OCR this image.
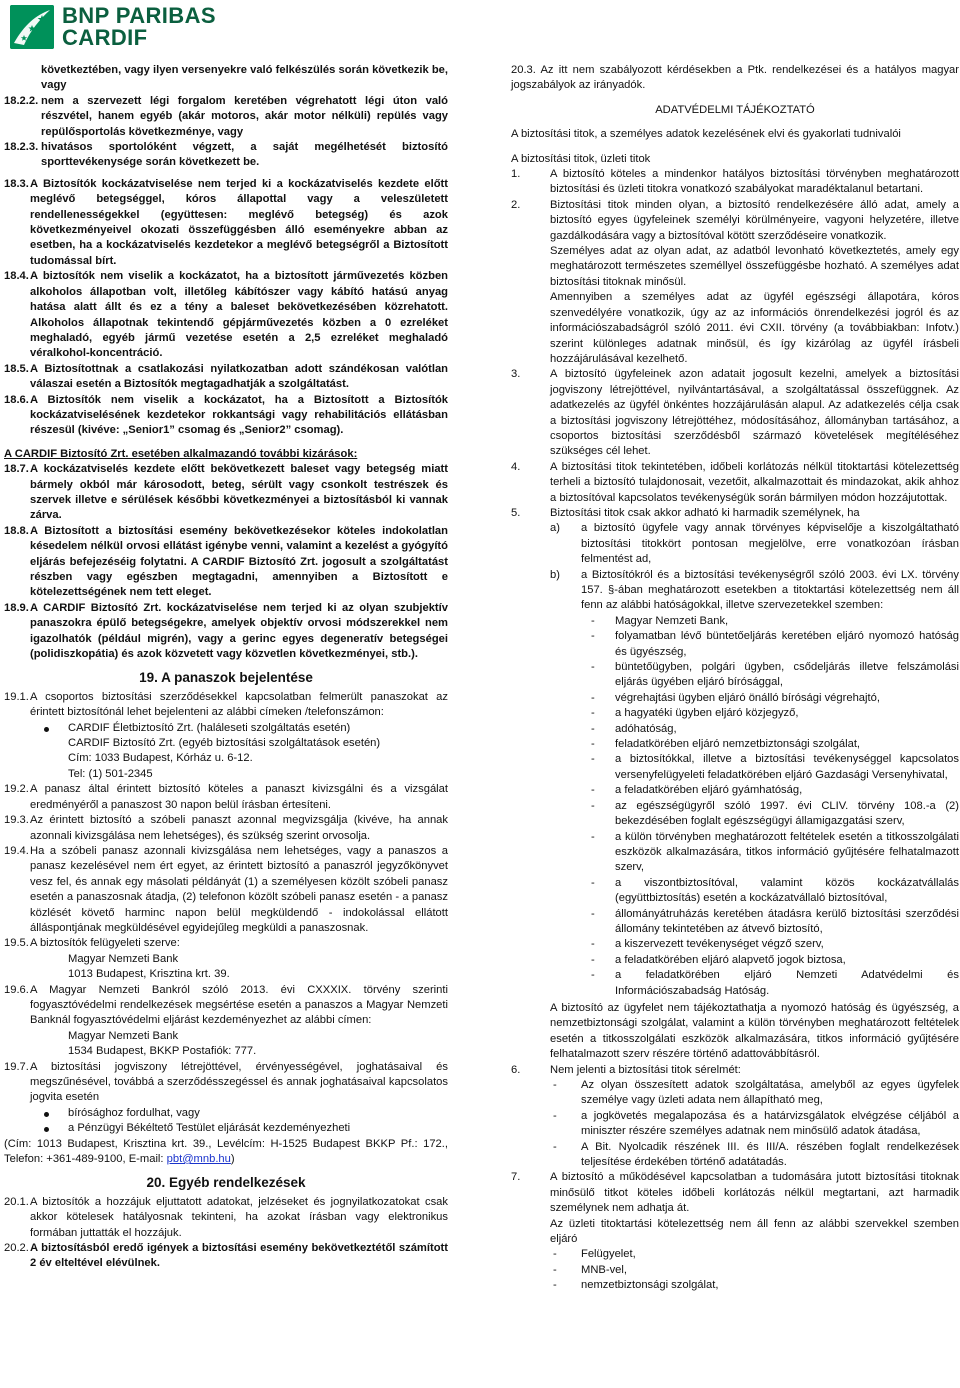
BNP PARIBAS
CARDIF
következtében, vagy ilyen versenyekre való felkészülés során következik be, vagy
18.2.2. nem a szervezett légi forgalom keretében végrehatott légi úton való részvétel, hanem egyéb (akár motoros, akár motor nélküli) repülés vagy repülősportolás következménye, vagy
18.2.3. hivatásos sportolóként végzett, a saját megélhetését biztosító sporttevékenysége során következett be.
18.3. A Biztosítók kockázatviselése nem terjed ki a kockázatviselés kezdete előtt meglévő betegséggel, kóros állapottal vagy a veleszületett rendellenességekkel (együttesen: meglévő betegség) és azok következményeivel okozati összefüggésben álló eseményekre abban az esetben, ha a kockázatviselés kezdetekor a meglévő betegségről a Biztosított tudomással bírt.
18.4. A biztosítók nem viselik a kockázatot, ha a biztosított járművezetés közben alkoholos állapotban volt, illetőleg kábítószer vagy kábító hatású anyag hatása alatt állt és ez a tény a baleset bekövetkezésében közrehatott. Alkoholos állapotnak tekintendő gépjárművezetés közben a 0 ezreléket meghaladó, egyéb jármű vezetése esetén a 2,5 ezreléket meghaladó véralkohol-koncentráció.
18.5. A Biztosítottnak a csatlakozási nyilatkozatban adott szándékosan valótlan válaszai esetén a Biztosítók megtagadhatják a szolgáltatást.
18.6. A Biztosítók nem viselik a kockázatot, ha a Biztosított a Biztosítók kockázatviselésének kezdetekor rokkantsági vagy rehabilitációs ellátásban részesül (kivéve: „Senior1” csomag és „Senior2” csomag).
A CARDIF Biztosító Zrt. esetében alkalmazandó további kizárások:
18.7. A kockázatviselés kezdete előtt bekövetkezett baleset vagy betegség miatt bármely okból már károsodott, beteg, sérült vagy csonkolt testrészek és szervek illetve e sérülések későbbi következményei a biztosításból ki vannak zárva.
18.8. A Biztosított a biztosítási esemény bekövetkezésekor köteles indokolatlan késedelem nélkül orvosi ellátást igénybe venni, valamint a kezelést a gyógyító eljárás befejezéséig folytatni. A CARDIF Biztosító Zrt. jogosult a szolgáltatást részben vagy egészben megtagadni, amennyiben a Biztosított e kötelezettségének nem tett eleget.
18.9. A CARDIF Biztosító Zrt. kockázatviselése nem terjed ki az olyan szubjektív panaszokra épülő betegségekre, amelyek objektív orvosi módszerekkel nem igazolhatók (például migrén), vagy a gerinc egyes degeneratív betegségei (polidiszkopátia) és azok közvetett vagy közvetlen következményei, stb.).
19. A panaszok bejelentése
19.1. A csoportos biztosítási szerződésekkel kapcsolatban felmerült panaszokat az érintett biztosítónál lehet bejelenteni az alábbi címeken /telefonszámon:
CARDIF Életbiztosító Zrt. (haláleseti szolgáltatás esetén)
CARDIF Biztosító Zrt. (egyéb biztosítási szolgáltatások esetén)
Cím: 1033 Budapest, Kórház u. 6-12.
Tel: (1) 501-2345
19.2. A panasz által érintett biztosító köteles a panaszt kivizsgálni és a vizsgálat eredményéről a panaszost 30 napon belül írásban értesíteni.
19.3. Az érintett biztosító a szóbeli panaszt azonnal megvizsgálja (kivéve, ha annak azonnali kivizsgálása nem lehetséges), és szükség szerint orvosolja.
19.4. Ha a szóbeli panasz azonnali kivizsgálása nem lehetséges, vagy a panaszos a panasz kezelésével nem ért egyet, az érintett biztosító a panaszról jegyzőkönyvet vesz fel, és annak egy másolati példányát (1) a személyesen közölt szóbeli panasz esetén a panaszosnak átadja, (2) telefonon közölt szóbeli panasz esetén - a panasz közlését követő harminc napon belül megküldendő - indokolással ellátott álláspontjának megküldésével egyidejűleg megküldi a panaszosnak.
19.5. A biztosítók felügyeleti szerve:
Magyar Nemzeti Bank
1013 Budapest, Krisztina krt. 39.
19.6. A Magyar Nemzeti Bankról szóló 2013. évi CXXXIX. törvény szerinti fogyasztóvédelmi rendelkezések megsértése esetén a panaszos a Magyar Nemzeti Banknál fogyasztóvédelmi eljárást kezdeményezhet az alábbi címen:
Magyar Nemzeti Bank
1534 Budapest, BKKP Postafiók: 777.
19.7. A biztosítási jogviszony létrejöttével, érvényességével, joghatásaival és megszűnésével, továbbá a szerződésszegéssel és annak joghatásaival kapcsolatos jogvita esetén
bírósághoz fordulhat, vagy
a Pénzügyi Békéltető Testület eljárását kezdeményezheti
(Cím: 1013 Budapest, Krisztina krt. 39., Levélcím: H-1525 Budapest BKKP Pf.: 172., Telefon: +361-489-9100, E-mail: pbt@mnb.hu)
20. Egyéb rendelkezések
20.1. A biztosítók a hozzájuk eljuttatott adatokat, jelzéseket és jognyilatkozatokat csak akkor kötelesek hatályosnak tekinteni, ha azokat írásban vagy elektronikus formában juttatták el hozzájuk.
20.2. A biztosításból eredő igények a biztosítási esemény bekövetkeztétől számított 2 év elteltével elévülnek.
20.3. Az itt nem szabályozott kérdésekben a Ptk. rendelkezései és a hatályos magyar jogszabályok az irányadók.
ADATVÉDELMI TÁJÉKOZTATÓ
A biztosítási titok, a személyes adatok kezelésének elvi és gyakorlati tudnivalói
A biztosítási titok, üzleti titok
1.	A biztosító köteles a mindenkor hatályos biztosítási törvényben meghatározott biztosítási és üzleti titokra vonatkozó szabályokat maradéktalanul betartani.
2.	Biztosítási titok minden olyan, a biztosító rendelkezésére álló adat, amely a biztosító egyes ügyfeleinek személyi körülményeire, vagyoni helyzetére, illetve gazdálkodására vagy a biztosítóval kötött szerződéseire vonatkozik.
Személyes adat az olyan adat, az adatból levonható következtetés, amely egy meghatározott természetes személlyel összefüggésbe hozható. A személyes adat biztosítási titoknak minősül.
Amennyiben a személyes adat az ügyfél egészségi állapotára, kóros szenvedélyére vonatkozik, úgy az az információs önrendelkezési jogról és az információszabadságról szóló 2011. évi CXII. törvény (a továbbiakban: Infotv.) szerint különleges adatnak minősül, és így kizárólag az ügyfél írásbeli hozzájárulásával kezelhető.
3.	A biztosító ügyfeleinek azon adatait jogosult kezelni, amelyek a biztosítási jogviszony létrejöttével, nyilvántartásával, a szolgáltatással összefüggnek. Az adatkezelés az ügyfél önkéntes hozzájárulásán alapul. Az adatkezelés célja csak a biztosítási jogviszony létrejöttéhez, módosításához, állományban tartásához, a csoportos biztosítási szerződésből származó követelések megítéléséhez szükséges cél lehet.
4.	A biztosítási titok tekintetében, időbeli korlátozás nélkül titoktartási kötelezettség terheli a biztosító tulajdonosait, vezetőit, alkalmazottait és mindazokat, akik ahhoz a biztosítóval kapcsolatos tevékenységük során bármilyen módon hozzájutottak.
5.	Biztosítási titok csak akkor adható ki harmadik személynek, ha
a) a biztosító ügyfele vagy annak törvényes képviselője a kiszolgáltatható biztosítási titokkört pontosan megjelölve, erre vonatkozóan írásban felmentést ad,
b) a Biztosítókról és a biztosítási tevékenységről szóló 2003. évi LX. törvény 157. §-ában meghatározott esetekben a titoktartási kötelezettség nem áll fenn az alábbi hatóságokkal, illetve szervezetekkel szemben:
- Magyar Nemzeti Bank,
- folyamatban lévő büntetőeljárás keretében eljáró nyomozó hatóság és ügyészség,
- büntetőügyben, polgári ügyben, csődeljárás illetve felszámolási eljárás ügyében eljáró bírósággal,
- végrehajtási ügyben eljáró önálló bírósági végrehajtó,
- a hagyatéki ügyben eljáró közjegyző,
- adóhatóság,
- feladatkörében eljáró nemzetbiztonsági szolgálat,
- a biztosítókkal, illetve a biztosítási tevékenységgel kapcsolatos versenyfelügyeleti feladatkörében eljáró Gazdasági Versenyhivatal,
- a feladatkörében eljáró gyámhatóság,
- az egészségügyről szóló 1997. évi CLIV. törvény 108.-a (2) bekezdésében foglalt egészségügyi államigazgatási szerv,
- a külön törvényben meghatározott feltételek esetén a titkosszolgálati eszközök alkalmazására, titkos információ gyűjtésére felhatalmazott szerv,
- a viszontbiztosítóval, valamint közös kockázatvállalás (együttbiztosítás) esetén a kockázatvállaló biztosítóval,
- állományátruházás keretében átadásra kerülő biztosítási szerződési állomány tekintetében az átvevő biztosító,
- a kiszervezett tevékenységet végző szerv,
- a feladatkörében eljáró alapvető jogok biztosa,
- a feladatkörében eljáró Nemzeti Adatvédelmi és Információszabadság Hatóság.
A biztosító az ügyfelet nem tájékoztathatja a nyomozó hatóság és ügyészség, a nemzetbiztonsági szolgálat, valamint a külön törvényben meghatározott feltételek esetén a titkosszolgálati eszközök alkalmazására, titkos információ gyűjtésére felhatalmazott szerv részére történő adattovábbításról.
6.	Nem jelenti a biztosítási titok sérelmét:
- Az olyan összesített adatok szolgáltatása, amelyből az egyes ügyfelek személye vagy üzleti adata nem állapítható meg,
- a jogkövetés megalapozása és a határvizsgálatok elvégzése céljából a miniszter részére személyes adatnak nem minősülő adatok átadása,
- A Bit. Nyolcadik részének III. és III/A. részében foglalt rendelkezések teljesítése érdekében történő adatátadás.
7.	A biztosító a működésével kapcsolatban a tudomására jutott biztosítási titoknak minősülő titkot köteles időbeli korlátozás nélkül megtartani, azt harmadik személynek nem adhatja át.
Az üzleti titoktartási kötelezettség nem áll fenn az alábbi szervekkel szemben eljáró
- Felügyelet,
- MNB-vel,
- nemzetbiztonsági szolgálat,
